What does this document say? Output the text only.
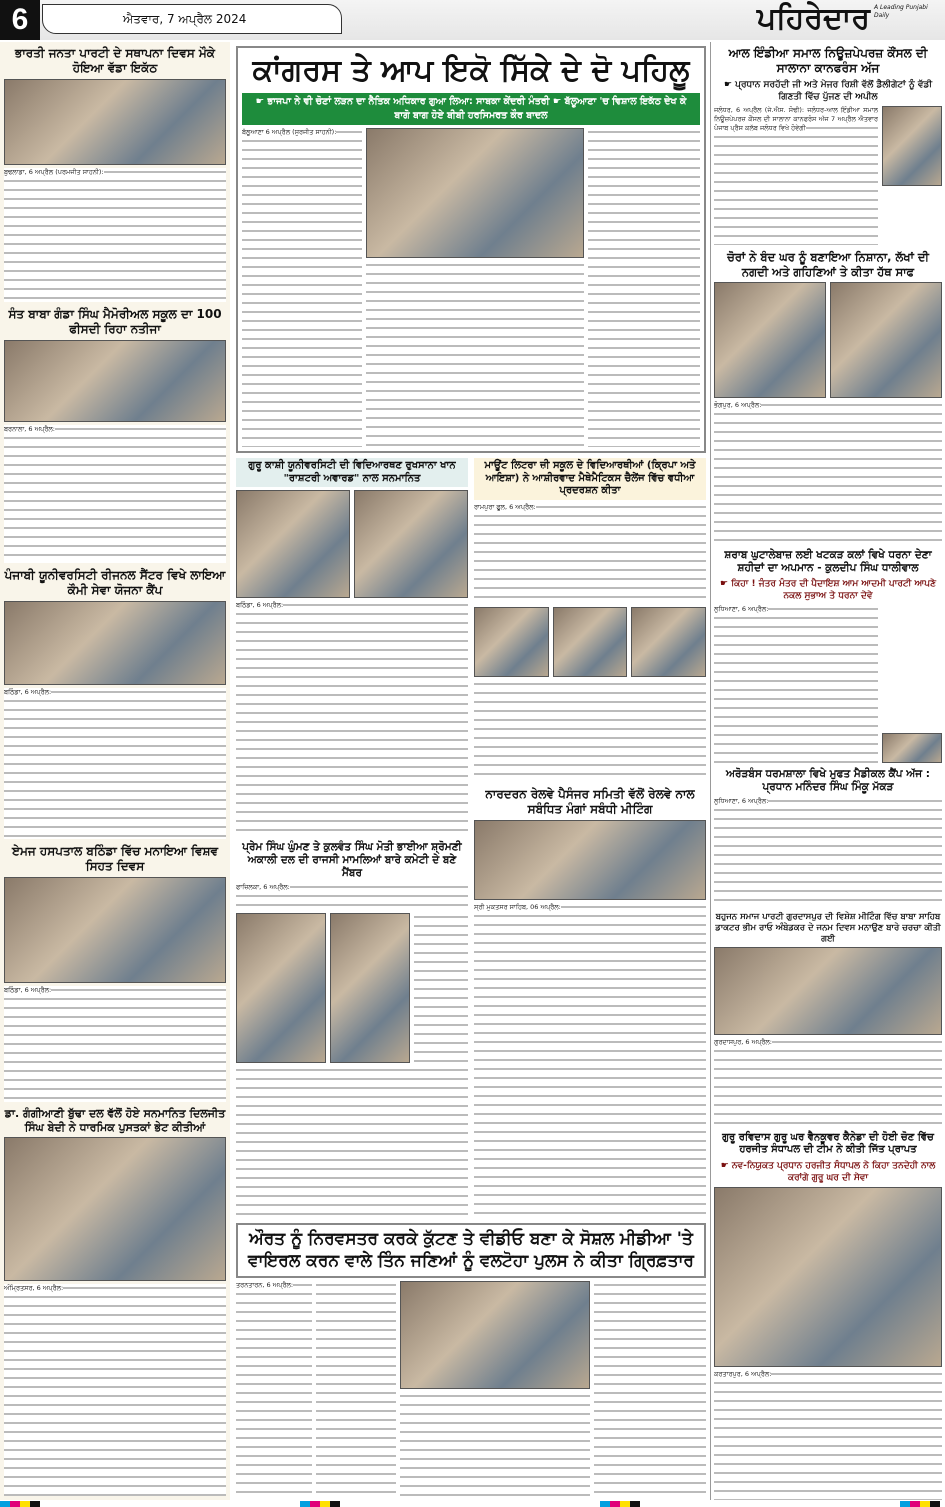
6	ਐਤਵਾਰ, 7 ਅਪ੍ਰੈਲ 2024	ਪਹਿਰੇਦਾਰ A Leading Punjabi Daily
ਭਾਰਤੀ ਜਨਤਾ ਪਾਰਟੀ ਦੇ ਸਥਾਪਨਾ ਦਿਵਸ ਮੌਕੇ ਹੋਇਆ ਵੱਡਾ ਇਕੱਠ
ਬੁਢਲਾਡਾ, 6 ਅਪ੍ਰੈਲ (ਪਰਮਜੀਤ ਸਾਹਨੀ):
ਸੰਤ ਬਾਬਾ ਗੰਡਾ ਸਿੰਘ ਮੈਮੋਰੀਅਲ ਸਕੂਲ ਦਾ 100 ਫੀਸਦੀ ਰਿਹਾ ਨਤੀਜਾ
ਬਰਨਾਲਾ, 6 ਅਪ੍ਰੈਲ:
ਪੰਜਾਬੀ ਯੂਨੀਵਰਸਿਟੀ ਰੀਜਨਲ ਸੈਂਟਰ ਵਿਖੇ ਲਾਇਆ ਕੌਮੀ ਸੇਵਾ ਯੋਜਨਾ ਕੈਂਪ
ਬਠਿੰਡਾ, 6 ਅਪ੍ਰੈਲ:
ਏਮਜ ਹਸਪਤਾਲ ਬਠਿੰਡਾ ਵਿੱਚ ਮਨਾਇਆ ਵਿਸ਼ਵ ਸਿਹਤ ਦਿਵਸ
ਬਠਿੰਡਾ, 6 ਅਪ੍ਰੈਲ:
ਡਾ. ਗੰਗੀਆਣੀ ਬੁੱਢਾ ਦਲ ਵੱਲੋਂ ਹੋਏ ਸਨਮਾਨਿਤ ਦਿਲਜੀਤ ਸਿੰਘ ਬੇਦੀ ਨੇ ਧਾਰਮਿਕ ਪੁਸਤਕਾਂ ਭੇਟ ਕੀਤੀਆਂ
ਅੰਮ੍ਰਿਤਸਰ, 6 ਅਪ੍ਰੈਲ:
ਕਾਂਗਰਸ ਤੇ ਆਪ ਇਕੋ ਸਿੱਕੇ ਦੇ ਦੋ ਪਹਿਲੂ
☛ ਭਾਜਪਾ ਨੇ ਵੀ ਚੋਣਾਂ ਲੜਨ ਦਾ ਨੈਤਿਕ ਅਧਿਕਾਰ ਗੁਆ ਲਿਆ: ਸਾਬਕਾ ਕੇਂਦਰੀ ਮੰਤਰੀ ☛ ਬੱਲੂਆਣਾ 'ਚ ਵਿਸ਼ਾਲ ਇਕੱਠ ਦੇਖ ਕੇ ਬਾਗੋ ਬਾਗ ਹੋਏ ਬੀਬੀ ਹਰਸਿਮਰਤ ਕੌਰ ਬਾਦਲ
ਬੱਲੂਆਣਾ 6 ਅਪ੍ਰੈਲ (ਸੁਰਜੀਤ ਸਾਹਨੀ):
ਗੁਰੂ ਕਾਸ਼ੀ ਯੂਨੀਵਰਸਿਟੀ ਦੀ ਵਿਦਿਆਰਥਣ ਰੁਖਸਾਨਾ ਖਾਨ "ਰਾਸ਼ਟਰੀ ਅਵਾਰਡ" ਨਾਲ ਸਨਮਾਨਿਤ
ਬਠਿੰਡਾ, 6 ਅਪ੍ਰੈਲ:
ਪ੍ਰੇਮ ਸਿੰਘ ਘੁੰਮਣ ਤੇ ਕੁਲਵੰਤ ਸਿੰਘ ਮੋਤੀ ਭਾਈਆ ਸ਼੍ਰੋਮਣੀ ਅਕਾਲੀ ਦਲ ਦੀ ਰਾਜਸੀ ਮਾਮਲਿਆਂ ਬਾਰੇ ਕਮੇਟੀ ਦੇ ਬਣੇ ਮੈਂਬਰ
ਫਾਜ਼ਿਲਕਾ, 6 ਅਪ੍ਰੈਲ:
ਮਾਊਂਟ ਲਿਟਰਾ ਜ਼ੀ ਸਕੂਲ ਦੇ ਵਿਦਿਆਰਥੀਆਂ (ਕ੍ਰਿਪਾ ਅਤੇ ਆਇਸ਼ਾ) ਨੇ ਆਸ਼ੀਰਵਾਦ ਮੈਥੇਮੈਟਿਕਸ ਚੈਲੇਂਜ ਵਿੱਚ ਵਧੀਆ ਪ੍ਰਦਰਸ਼ਨ ਕੀਤਾ
ਰਾਮਪੁਰਾ ਫੂਲ, 6 ਅਪ੍ਰੈਲ:
ਨਾਰਦਰਨ ਰੇਲਵੇ ਪੈਸੰਜਰ ਸਮਿਤੀ ਵੱਲੋਂ ਰੇਲਵੇ ਨਾਲ ਸਬੰਧਿਤ ਮੰਗਾਂ ਸਬੰਧੀ ਮੀਟਿੰਗ
ਸ੍ਰੀ ਮੁਕਤਸਰ ਸਾਹਿਬ, 06 ਅਪ੍ਰੈਲ:
ਔਰਤ ਨੂੰ ਨਿਰਵਸਤਰ ਕਰਕੇ ਕੁੱਟਣ ਤੇ ਵੀਡੀਓ ਬਣਾ ਕੇ ਸੋਸ਼ਲ ਮੀਡੀਆ 'ਤੇ ਵਾਇਰਲ ਕਰਨ ਵਾਲੇ ਤਿੰਨ ਜਣਿਆਂ ਨੂੰ ਵਲਟੋਹਾ ਪੁਲਸ ਨੇ ਕੀਤਾ ਗ੍ਰਿਫ਼ਤਾਰ
ਤਰਨਤਾਰਨ, 6 ਅਪ੍ਰੈਲ:
ਆਲ ਇੰਡੀਆ ਸਮਾਲ ਨਿਊਜ਼ਪੇਪਰਜ਼ ਕੌਂਸਲ ਦੀ ਸਾਲਾਨਾ ਕਾਨਫਰੰਸ ਅੱਜ
☛ ਪ੍ਰਧਾਨ ਸਰਹੱਦੀ ਜੀ ਅਤੇ ਮੇਜਰ ਰਿਸ਼ੀ ਵੱਲੋਂ ਡੈਲੀਗੇਟਾਂ ਨੂੰ ਵੱਡੀ ਗਿਣਤੀ ਵਿੱਚ ਪੁੱਜਣ ਦੀ ਅਪੀਲ
ਜਲੰਧਰ, 6 ਅਪ੍ਰੈਲ (ਜੇ.ਐਸ. ਸੋਢੀ): ਜਲੰਧਰ-ਆਲ ਇੰਡੀਆ ਸਮਾਲ ਨਿਊਜ਼ਪੇਪਰਜ਼ ਕੌਂਸਲ ਦੀ ਸਾਲਾਨਾ ਕਾਨਫਰੰਸ ਅੱਜ 7 ਅਪ੍ਰੈਲ ਐਤਵਾਰ ਪੰਜਾਬ ਪ੍ਰੈਸ ਕਲੱਬ ਜਲੰਧਰ ਵਿਖੇ ਹੋਵੇਗੀ
ਚੋਰਾਂ ਨੇ ਬੰਦ ਘਰ ਨੂੰ ਬਣਾਇਆ ਨਿਸ਼ਾਨਾ, ਲੱਖਾਂ ਦੀ ਨਗਦੀ ਅਤੇ ਗਹਿਣਿਆਂ ਤੇ ਕੀਤਾ ਹੱਥ ਸਾਫ
ਭੋਗਪੁਰ, 6 ਅਪ੍ਰੈਲ:
ਸ਼ਰਾਬ ਘੁਟਾਲੇਬਾਜ਼ ਲਈ ਖਟਕੜ ਕਲਾਂ ਵਿਖੇ ਧਰਨਾ ਦੇਣਾ ਸ਼ਹੀਦਾਂ ਦਾ ਅਪਮਾਨ - ਕੁਲਦੀਪ ਸਿੰਘ ਧਾਲੀਵਾਲ
☛ ਕਿਹਾ ! ਜੰਤਰ ਮੰਤਰ ਦੀ ਪੈਦਾਇਸ਼ ਆਮ ਆਦਮੀ ਪਾਰਟੀ ਆਪਣੇ ਨਕਲ ਸੁਭਾਅ ਤੇ ਧਰਨਾ ਦੇਵੇ
ਲੁਧਿਆਣਾ, 6 ਅਪ੍ਰੈਲ:
ਅਰੋੜਬੰਸ ਧਰਮਸ਼ਾਲਾ ਵਿਖੇ ਮੁਫਤ ਮੈਡੀਕਲ ਕੈਂਪ ਅੱਜ : ਪ੍ਰਧਾਨ ਮਨਿੰਦਰ ਸਿੰਘ ਮਿੰਕੂ ਮੱਕੜ
ਲੁਧਿਆਣਾ, 6 ਅਪ੍ਰੈਲ:
ਬਹੁਜਨ ਸਮਾਜ ਪਾਰਟੀ ਗੁਰਦਾਸਪੁਰ ਦੀ ਵਿਸ਼ੇਸ਼ ਮੀਟਿੰਗ ਵਿੱਚ ਬਾਬਾ ਸਾਹਿਬ ਡਾਕਟਰ ਭੀਮ ਰਾਓ ਅੰਬੇਡਕਰ ਦੇ ਜਨਮ ਦਿਵਸ ਮਨਾਉਣ ਬਾਰੇ ਚਰਚਾ ਕੀਤੀ ਗਈ
ਗੁਰਦਾਸਪੁਰ, 6 ਅਪ੍ਰੈਲ:
ਗੁਰੂ ਰਵਿਦਾਸ ਗੁਰੂ ਘਰ ਵੈਨਕੂਵਰ ਕੈਨੇਡਾ ਦੀ ਹੋਈ ਚੋਣ ਵਿੱਚ ਹਰਜੀਤ ਸੰਧਾਪਲ ਦੀ ਟੀਮ ਨੇ ਕੀਤੀ ਜਿੱਤ ਪ੍ਰਾਪਤ
☛ ਨਵ-ਨਿਯੁਕਤ ਪ੍ਰਧਾਨ ਹਰਜੀਤ ਸੰਧਾਪਲ ਨੇ ਕਿਹਾ ਤਨਦੇਹੀ ਨਾਲ ਕਰਾਂਗੇ ਗੁਰੂ ਘਰ ਦੀ ਸੇਵਾ
ਕਰਤਾਰਪੁਰ, 6 ਅਪ੍ਰੈਲ:
